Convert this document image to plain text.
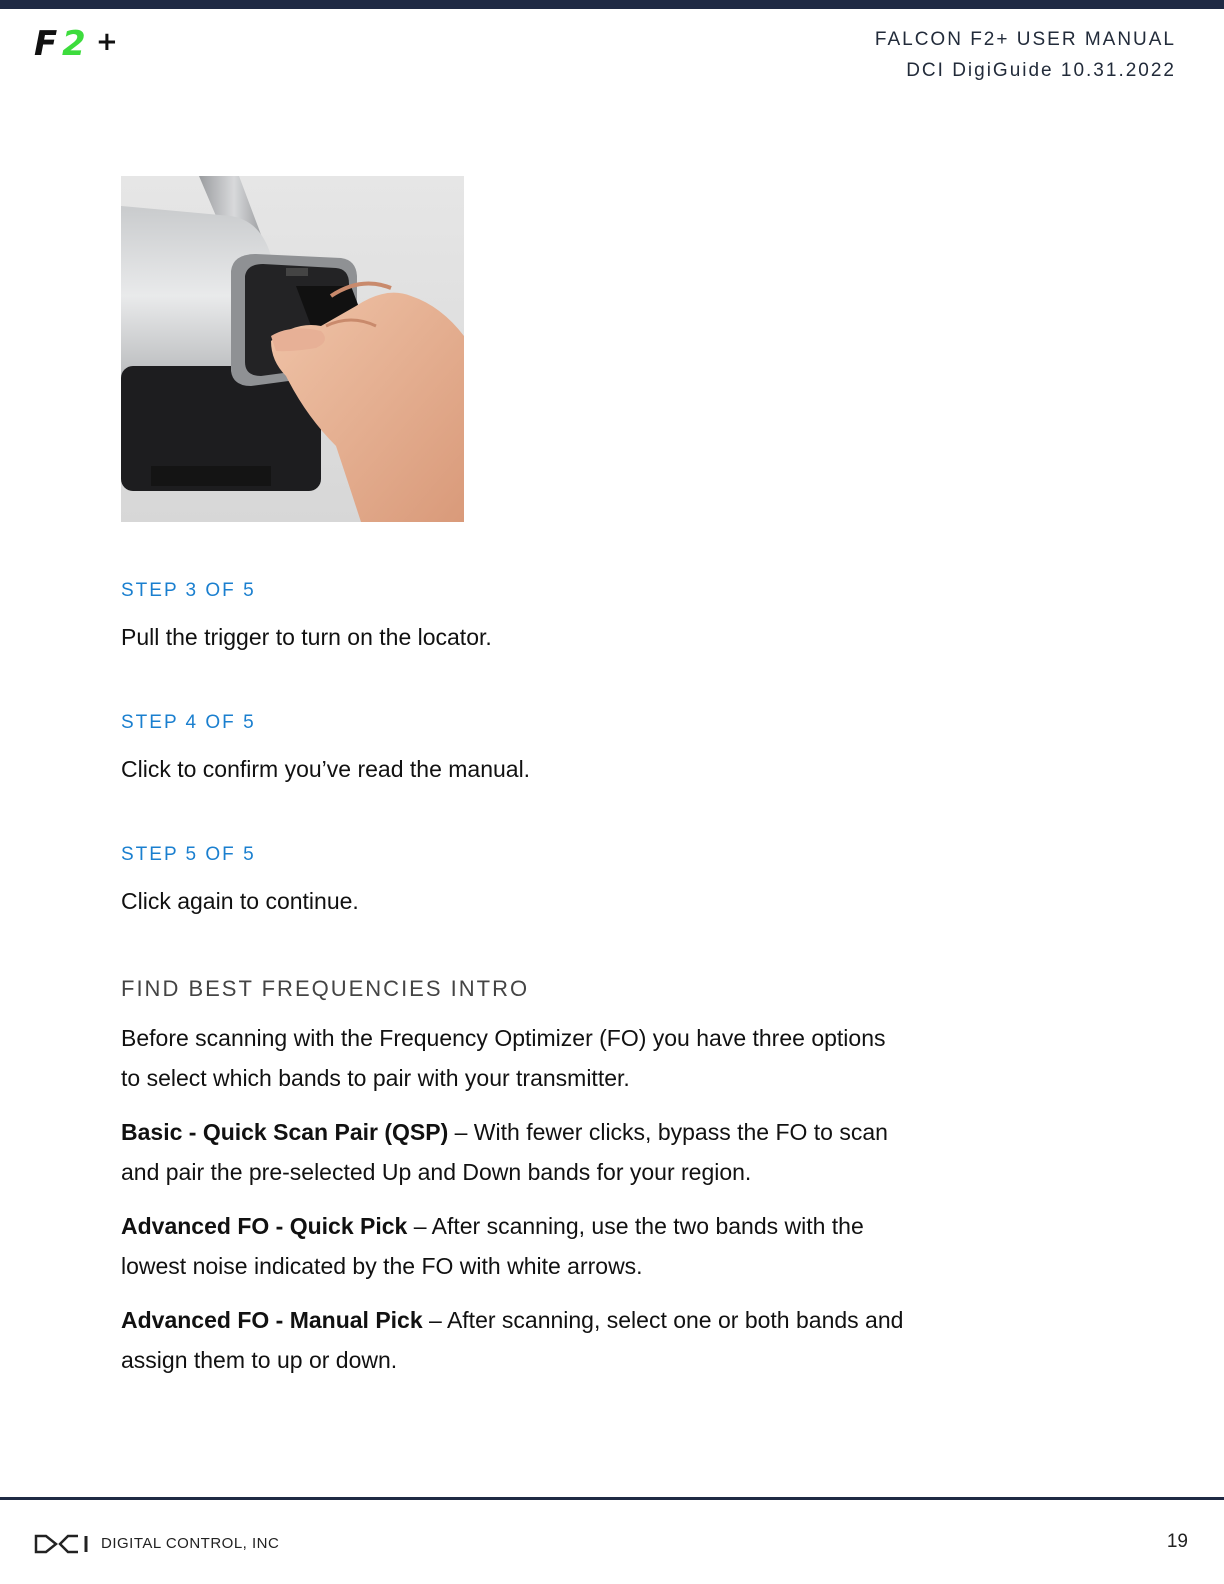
F 2 +	FALCON F2+ USER MANUAL
DCI DigiGuide 10.31.2022

STEP 3 OF 5

Pull the trigger to turn on the locator.

STEP 4 OF 5

Click to confirm you’ve read the manual.

STEP 5 OF 5

Click again to continue.

FIND BEST FREQUENCIES INTRO

Before scanning with the Frequency Optimizer (FO) you have three options to select which bands to pair with your transmitter.

Basic - Quick Scan Pair (QSP) – With fewer clicks, bypass the FO to scan and pair the pre-selected Up and Down bands for your region.

Advanced FO - Quick Pick – After scanning, use the two bands with the lowest noise indicated by the FO with white arrows.

Advanced FO - Manual Pick – After scanning, select one or both bands and assign them to up or down.

DIGITAL CONTROL, INC	19
